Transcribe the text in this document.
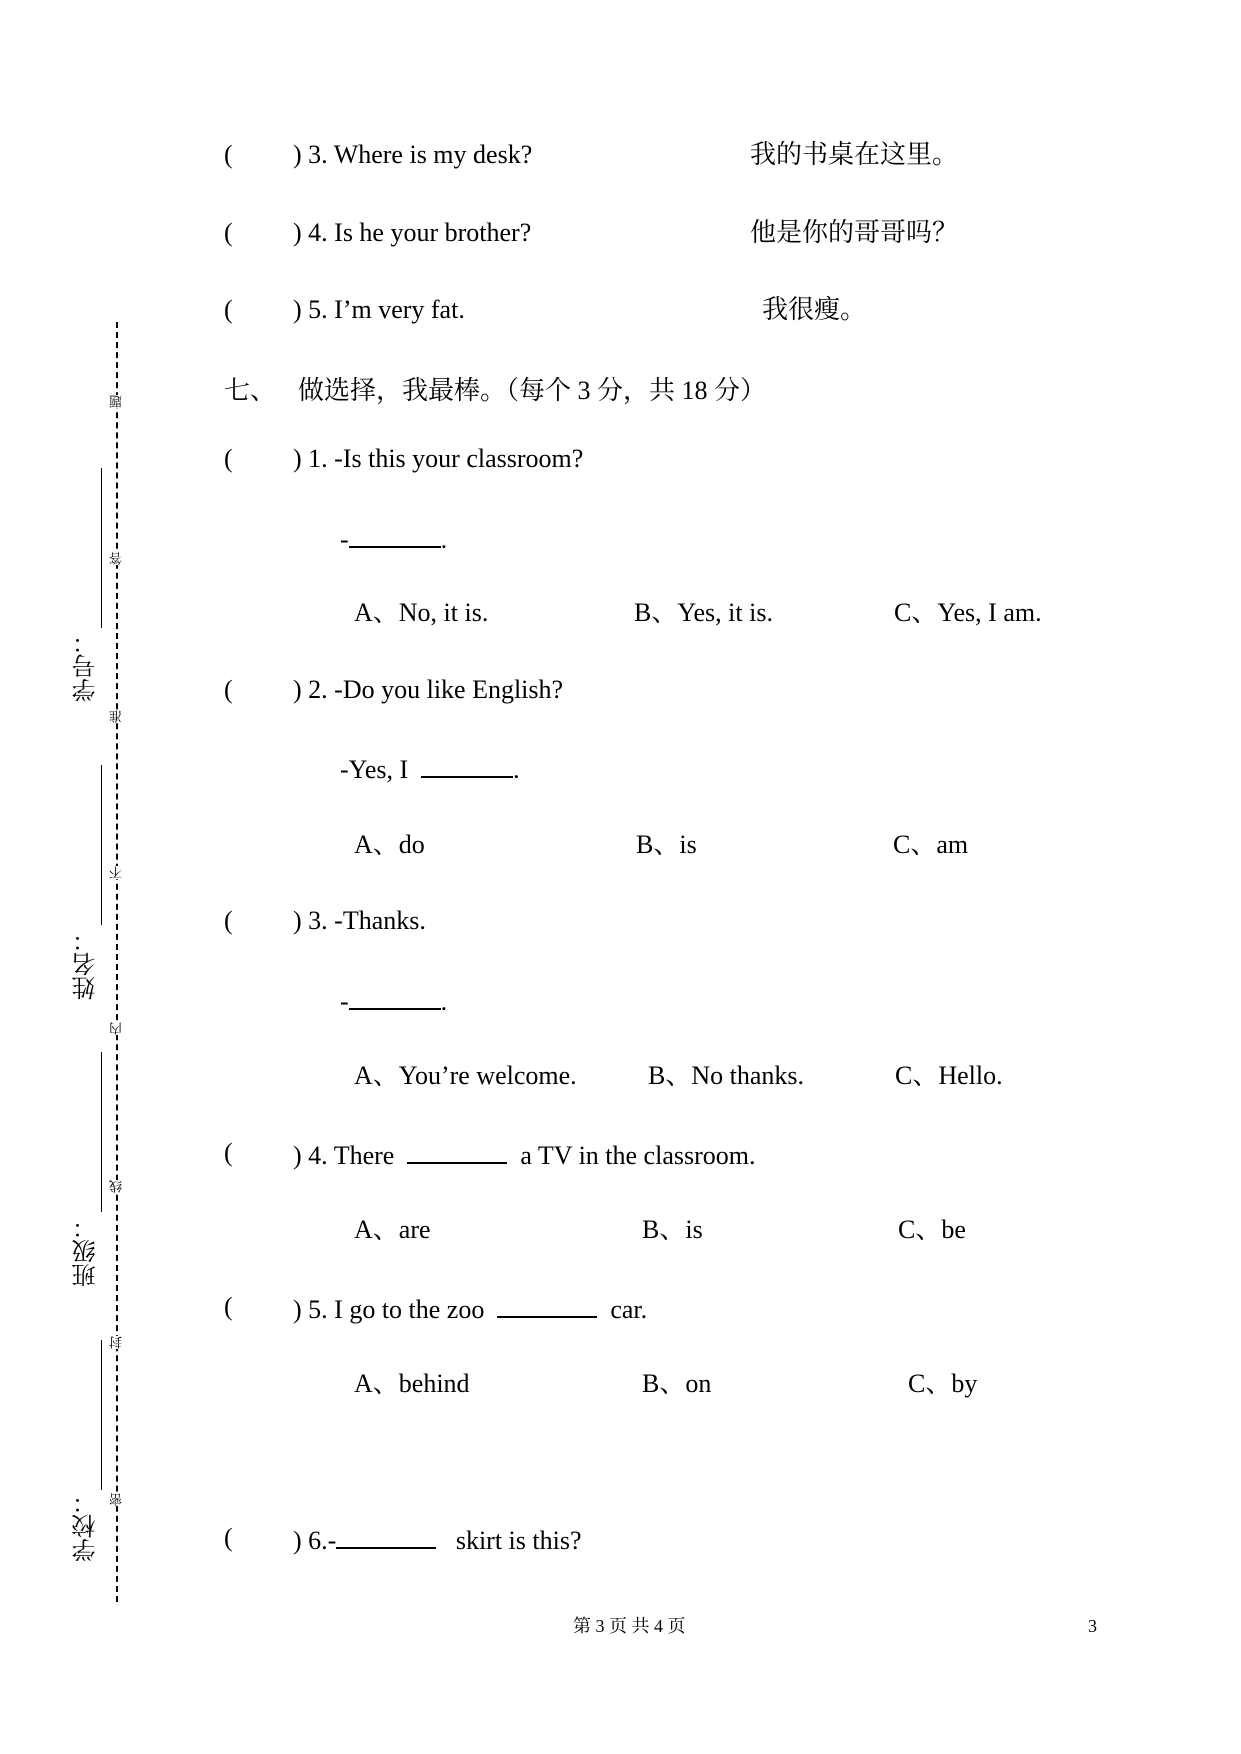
学号：
姓名：
班级：
学校：
题
答
准
不
内
线
封
密
( ) 3. Where is my desk?	我的书桌在这里。
( ) 4. Is he your brother?	他是你的哥哥吗？
( ) 5. I’m very fat.	我很瘦。
七、 做选择，我最棒。（每个 3 分，共 18 分）
( ) 1. -Is this your classroom?
-	.
A、No, it is.	B、Yes, it is.	C、Yes, I am.
( ) 2. -Do you like English?
-Yes, I	.
A、do	B、is	C、am
( ) 3. -Thanks.
-	.
A、You’re welcome.	B、No thanks.	C、Hello.
( ) 4. There	a TV in the classroom.
A、are	B、is	C、be
( ) 5. I go to the zoo	car.
A、behind	B、on	C、by
( ) 6.-	skirt is this?
第 3 页 共 4 页	3
